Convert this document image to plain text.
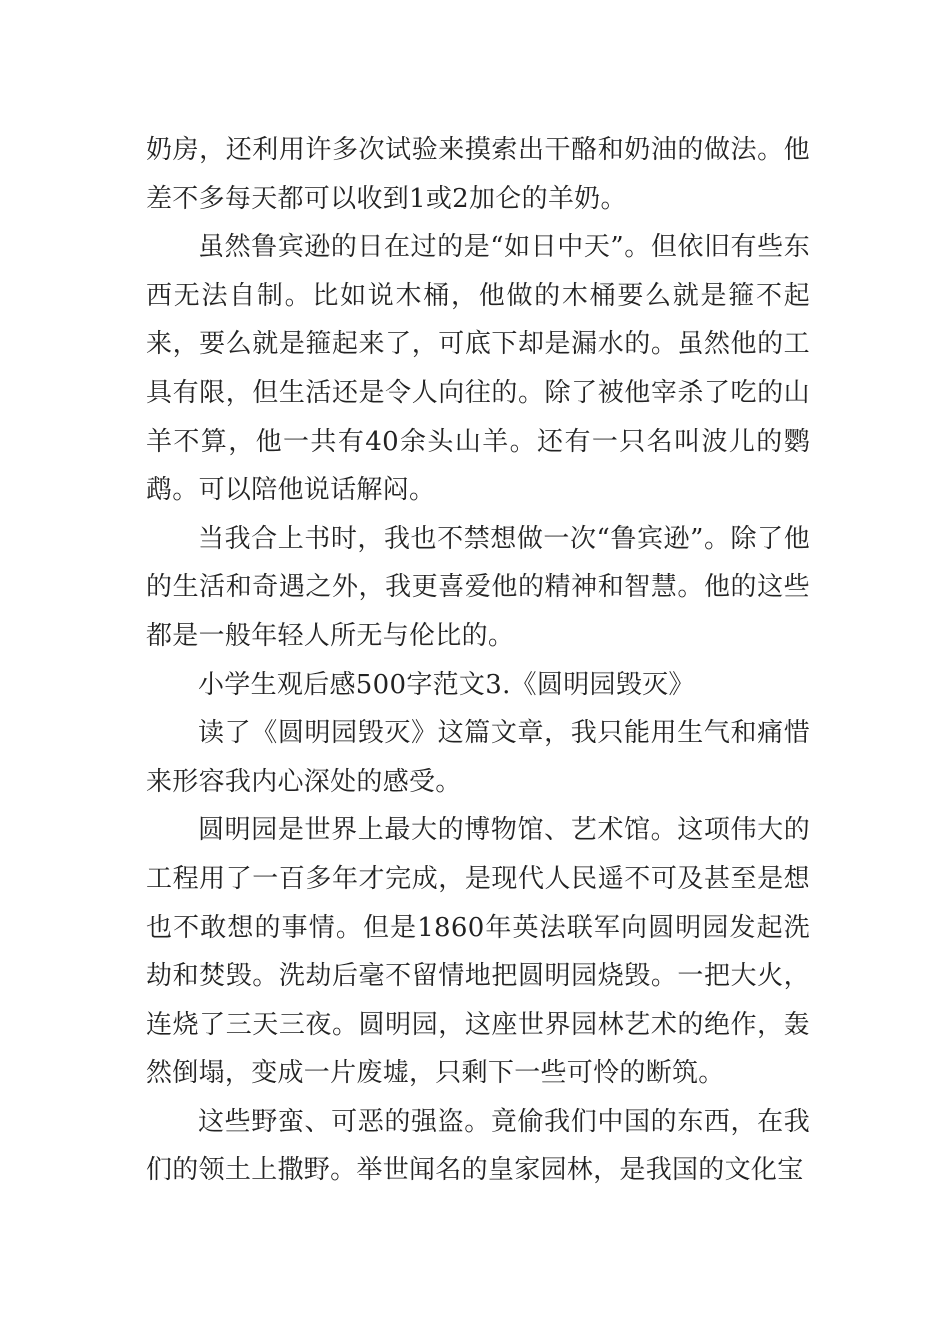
奶房，还利用许多次试验来摸索出干酪和奶油的做法。他差不多每天都可以收到1或2加仑的羊奶。

虽然鲁宾逊的日在过的是“如日中天”。但依旧有些东西无法自制。比如说木桶，他做的木桶要么就是箍不起来，要么就是箍起来了，可底下却是漏水的。虽然他的工具有限，但生活还是令人向往的。除了被他宰杀了吃的山羊不算，他一共有40余头山羊。还有一只名叫波儿的鹦鹉。可以陪他说话解闷。

当我合上书时，我也不禁想做一次“鲁宾逊”。除了他的生活和奇遇之外，我更喜爱他的精神和智慧。他的这些都是一般年轻人所无与伦比的。

小学生观后感500字范文3.《圆明园毁灭》

读了《圆明园毁灭》这篇文章，我只能用生气和痛惜来形容我内心深处的感受。

圆明园是世界上最大的博物馆、艺术馆。这项伟大的工程用了一百多年才完成，是现代人民遥不可及甚至是想也不敢想的事情。但是1860年英法联军向圆明园发起洗劫和焚毁。洗劫后毫不留情地把圆明园烧毁。一把大火，连烧了三天三夜。圆明园，这座世界园林艺术的绝作，轰然倒塌，变成一片废墟，只剩下一些可怜的断筑。

这些野蛮、可恶的强盗。竟偷我们中国的东西，在我们的领土上撒野。举世闻名的皇家园林，是我国的文化宝
